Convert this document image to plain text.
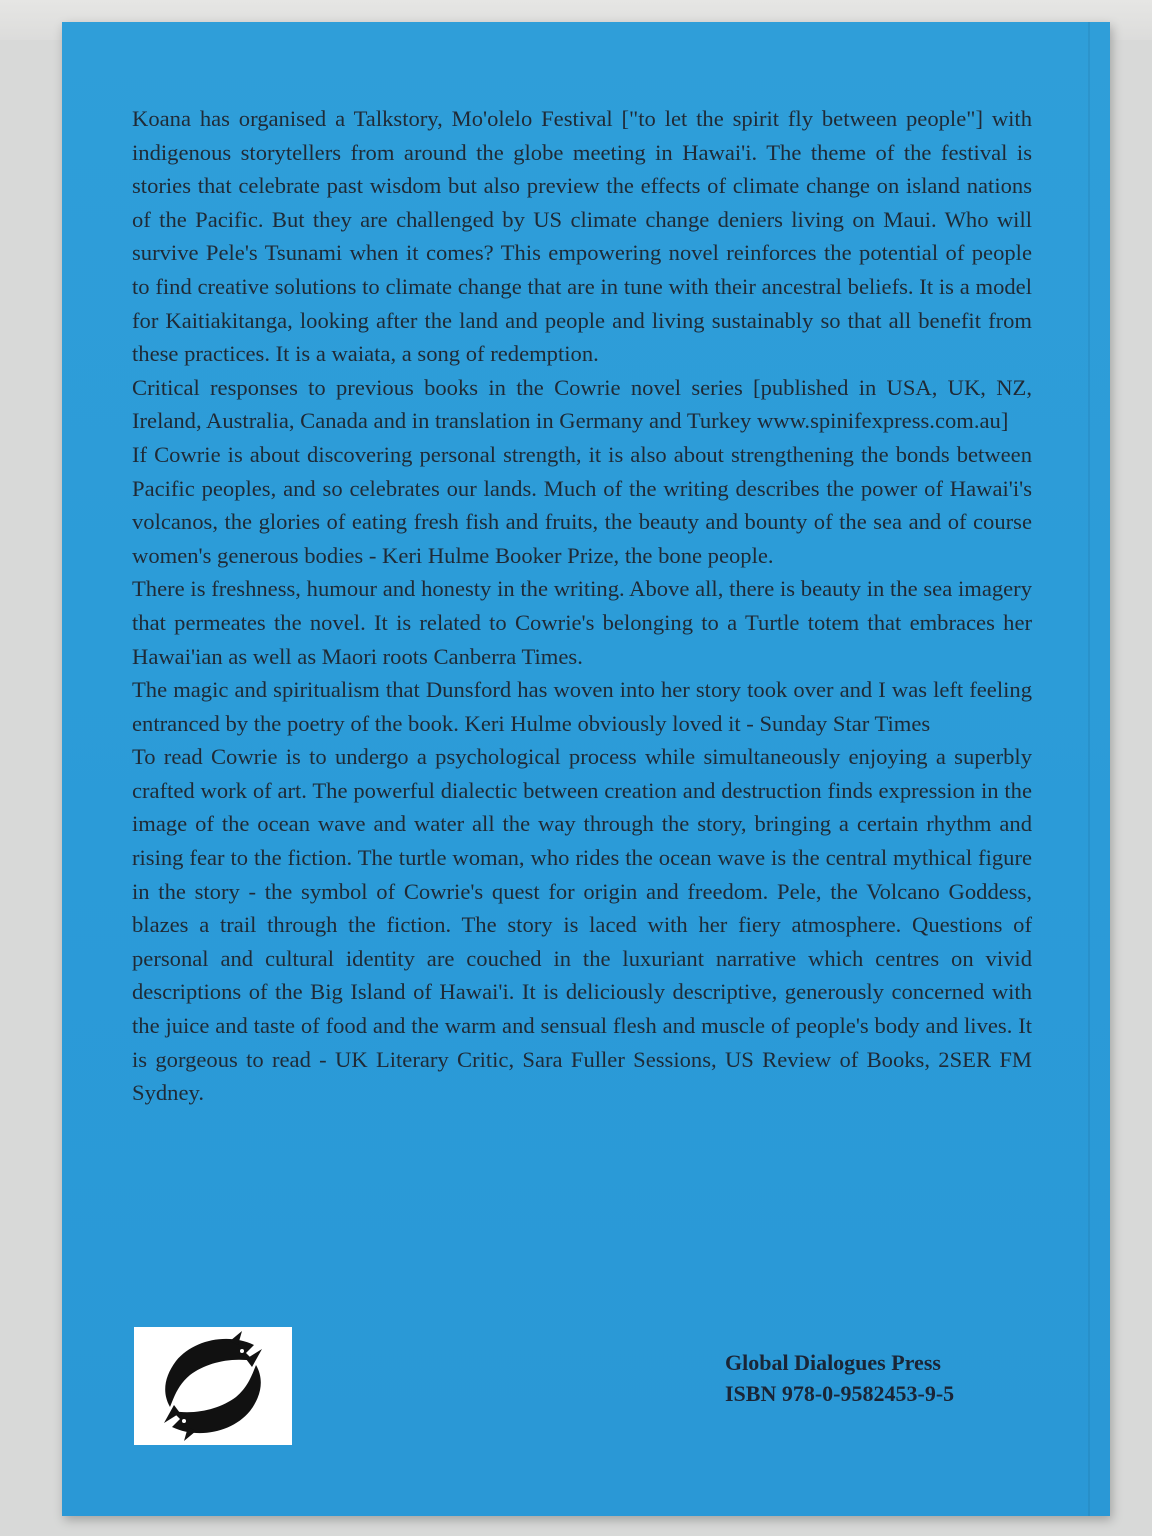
Koana has organised a Talkstory, Mo'olelo Festival ["to let the spirit fly between people"] with indigenous storytellers from around the globe meeting in Hawai'i. The theme of the festival is stories that celebrate past wisdom but also preview the effects of climate change on island nations of the Pacific. But they are challenged by US climate change deniers living on Maui. Who will survive Pele's Tsunami when it comes? This empowering novel reinforces the potential of people to find creative solutions to climate change that are in tune with their ancestral beliefs. It is a model for Kaitiakitanga, looking after the land and people and living sustainably so that all benefit from these practices. It is a waiata, a song of redemption.

Critical responses to previous books in the Cowrie novel series [published in USA, UK, NZ, Ireland, Australia, Canada and in translation in Germany and Turkey www.spinifexpress.com.au]

If Cowrie is about discovering personal strength, it is also about strengthening the bonds between Pacific peoples, and so celebrates our lands. Much of the writing describes the power of Hawai'i's volcanos, the glories of eating fresh fish and fruits, the beauty and bounty of the sea and of course women's generous bodies - Keri Hulme Booker Prize, the bone people.

There is freshness, humour and honesty in the writing. Above all, there is beauty in the sea imagery that permeates the novel. It is related to Cowrie's belonging to a Turtle totem that embraces her Hawai'ian as well as Maori roots Canberra Times.

The magic and spiritualism that Dunsford has woven into her story took over and I was left feeling entranced by the poetry of the book. Keri Hulme obviously loved it - Sunday Star Times

To read Cowrie is to undergo a psychological process while simultaneously enjoying a superbly crafted work of art. The powerful dialectic between creation and destruction finds expression in the image of the ocean wave and water all the way through the story, bringing a certain rhythm and rising fear to the fiction. The turtle woman, who rides the ocean wave is the central mythical figure in the story - the symbol of Cowrie's quest for origin and freedom. Pele, the Volcano Goddess, blazes a trail through the fiction. The story is laced with her fiery atmosphere. Questions of personal and cultural identity are couched in the luxuriant narrative which centres on vivid descriptions of the Big Island of Hawai'i. It is deliciously descriptive, generously concerned with the juice and taste of food and the warm and sensual flesh and muscle of people's body and lives. It is gorgeous to read - UK Literary Critic, Sara Fuller Sessions, US Review of Books, 2SER FM Sydney.

Global Dialogues Press
ISBN 978-0-9582453-9-5
